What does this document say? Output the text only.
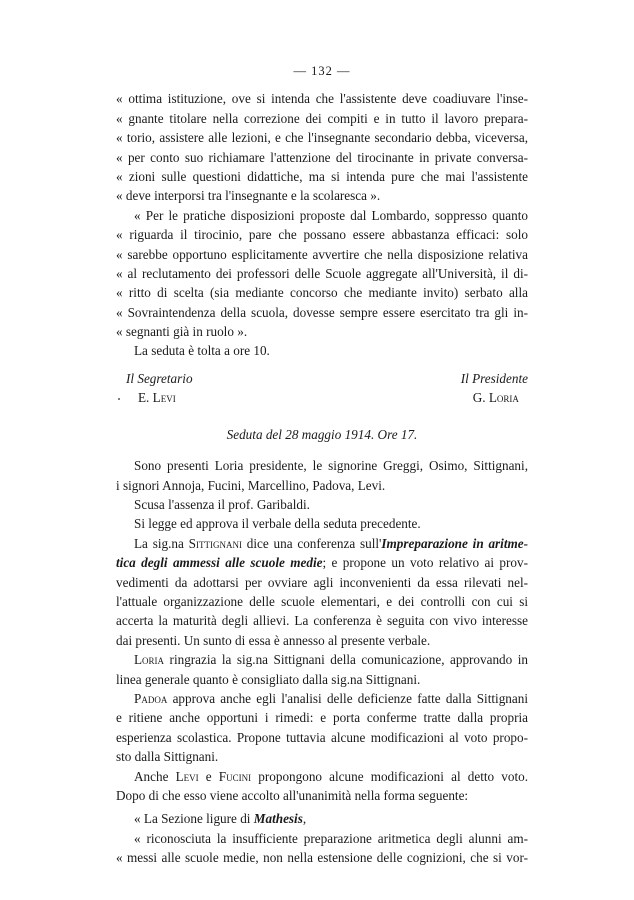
— 132 —
« ottima istituzione, ove si intenda che l'assistente deve coadiuvare l'inse-
« gnante titolare nella correzione dei compiti e in tutto il lavoro prepara-
« torio, assistere alle lezioni, e che l'insegnante secondario debba, viceversa,
« per conto suo richiamare l'attenzione del tirocinante in private conversa-
« zioni sulle questioni didattiche, ma si intenda pure che mai l'assistente
« deve interporsi tra l'insegnante e la scolaresca ».
« Per le pratiche disposizioni proposte dal Lombardo, soppresso quanto
« riguarda il tirocinio, pare che possano essere abbastanza efficaci: solo
« sarebbe opportuno esplicitamente avvertire che nella disposizione relativa
« al reclutamento dei professori delle Scuole aggregate all'Università, il di-
« ritto di scelta (sia mediante concorso che mediante invito) serbato alla
« Sovraintendenza della scuola, dovesse sempre essere esercitato tra gli in-
« segnanti già in ruolo ».
La seduta è tolta a ore 10.
Il Segretario
E. Levi
Il Presidente
G. Loria
Seduta del 28 maggio 1914. Ore 17.
Sono presenti Loria presidente, le signorine Greggi, Osimo, Sittignani,
i signori Annoja, Fucini, Marcellino, Padova, Levi.
Scusa l'assenza il prof. Garibaldi.
Si legge ed approva il verbale della seduta precedente.
La sig.na Sittignani dice una conferenza sull'Impreparazione in aritme-
tica degli ammessi alle scuole medie; e propone un voto relativo ai prov-
vedimenti da adottarsi per ovviare agli inconvenienti da essa rilevati nel-
l'attuale organizzazione delle scuole elementari, e dei controlli con cui si
accerta la maturità degli allievi. La conferenza è seguita con vivo interesse
dai presenti. Un sunto di essa è annesso al presente verbale.
Loria ringrazia la sig.na Sittignani della comunicazione, approvando in
linea generale quanto è consigliato dalla sig.na Sittignani.
Padoa approva anche egli l'analisi delle deficienze fatte dalla Sittignani
e ritiene anche opportuni i rimedi: e porta conferme tratte dalla propria
esperienza scolastica. Propone tuttavia alcune modificazioni al voto propo-
sto dalla Sittignani.
Anche Levi e Fucini propongono alcune modificazioni al detto voto.
Dopo di che esso viene accolto all'unanimità nella forma seguente:
« La Sezione ligure di Mathesis,
« riconosciuta la insufficiente preparazione aritmetica degli alunni am-
« messi alle scuole medie, non nella estensione delle cognizioni, che si vor-
